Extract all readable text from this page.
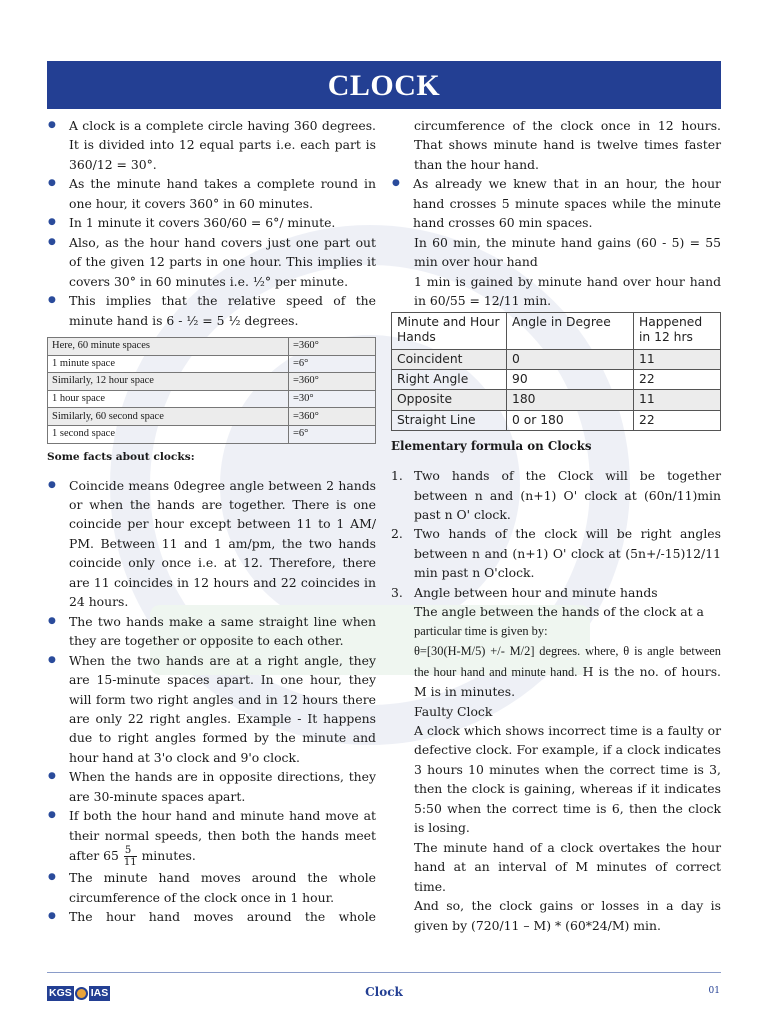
CLOCK
● A clock is a complete circle having 360 degrees. It is divided into 12 equal parts i.e. each part is 360/12 = 30°.
● As the minute hand takes a complete round in one hour, it covers 360° in 60 minutes.
● In 1 minute it covers 360/60 = 6°/ minute.
● Also, as the hour hand covers just one part out of the given 12 parts in one hour. This implies it covers 30° in 60 minutes i.e. ½° per minute.
● This implies that the relative speed of the minute hand is 6 - ½ = 5 ½ degrees.
Here, 60 minute spaces	=360°
1 minute space	=6°
Similarly, 12 hour space	=360°
1 hour space	=30°
Similarly, 60 second space	=360°
1 second space	=6°
Some facts about clocks:
● Coincide means 0degree angle between 2 hands or when the hands are together. There is one coincide per hour except between 11 to 1 AM/ PM. Between 11 and 1 am/pm, the two hands coincide only once i.e. at 12. Therefore, there are 11 coincides in 12 hours and 22 coincides in 24 hours.
● The two hands make a same straight line when they are together or opposite to each other.
● When the two hands are at a right angle, they are 15-minute spaces apart. In one hour, they will form two right angles and in 12 hours there are only 22 right angles. Example - It happens due to right angles formed by the minute and hour hand at 3'o clock and 9'o clock.
● When the hands are in opposite directions, they are 30-minute spaces apart.
● If both the hour hand and minute hand move at their normal speeds, then both the hands meet after $65 \frac{5}{11}$ minutes.
● The minute hand moves around the whole circumference of the clock once in 1 hour.
● The hour hand moves around the whole
circumference of the clock once in 12 hours. That shows minute hand is twelve times faster than the hour hand.
● As already we knew that in an hour, the hour hand crosses 5 minute spaces while the minute hand crosses 60 min spaces.
In 60 min, the minute hand gains (60 - 5) = 55 min over hour hand
1 min is gained by minute hand over hour hand in 60/55 = 12/11 min.
Minute and Hour Hands	Angle in Degree	Happened in 12 hrs
Coincident	0	11
Right Angle	90	22
Opposite	180	11
Straight Line	0 or 180	22
Elementary formula on Clocks
1. Two hands of the Clock will be together between n and (n+1) O' clock at (60n/11)min past n O' clock.
2. Two hands of the clock will be right angles between n and (n+1) O' clock at (5n+/-15)12/11 min past n O'clock.
3. Angle between hour and minute hands
The angle between the hands of the clock at a
particular time is given by:
θ=[30(H-M/5) +/- M/2] degrees. where, θ is angle between the hour hand and minute hand. H is the no. of hours. M is in minutes.
Faulty Clock
A clock which shows incorrect time is a faulty or defective clock. For example, if a clock indicates 3 hours 10 minutes when the correct time is 3, then the clock is gaining, whereas if it indicates 5:50 when the correct time is 6, then the clock is losing.
The minute hand of a clock overtakes the hour hand at an interval of M minutes of correct time.
And so, the clock gains or losses in a day is given by (720/11 – M) * (60*24/M) min.
KGS IAS	Clock	01
